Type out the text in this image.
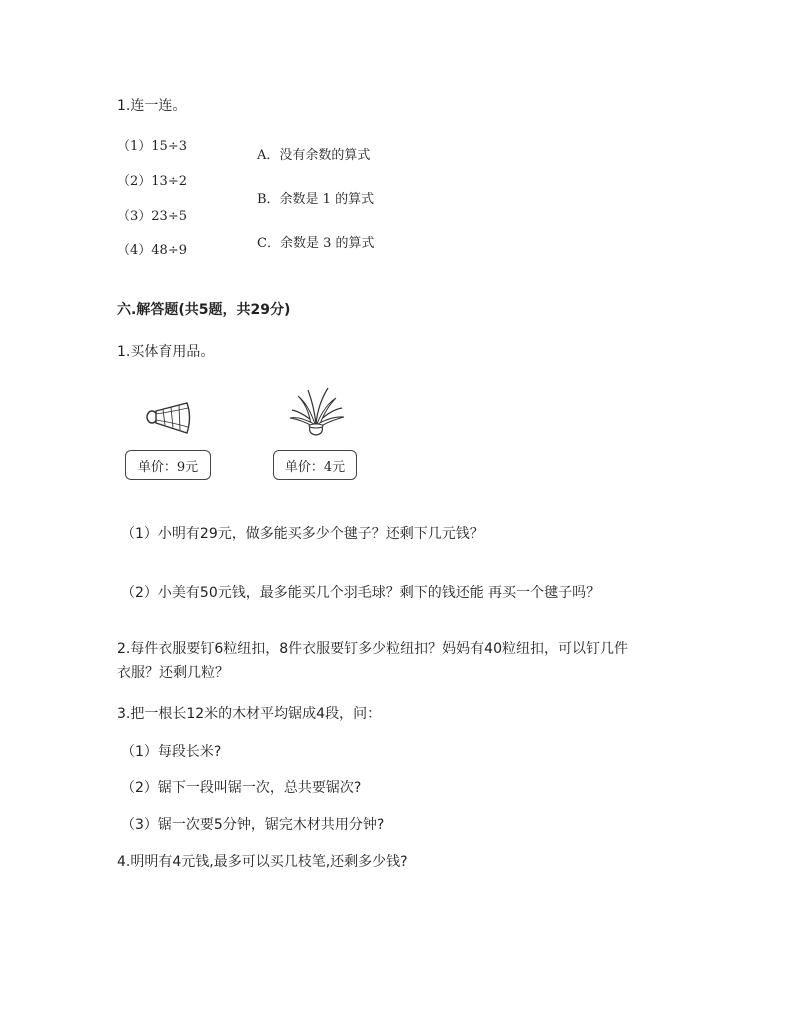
1.连一连。
（1）15÷3
（2）13÷2
（3）23÷5
（4）48÷9
A．没有余数的算式
B．余数是 1 的算式
C．余数是 3 的算式
六.解答题(共5题，共29分)
1.买体育用品。
单价：9元	单价：4元
（1）小明有29元，做多能买多少个毽子？还剩下几元钱？
（2）小美有50元钱，最多能买几个羽毛球？剩下的钱还能 再买一个毽子吗？
2.每件衣服要钉6粒纽扣，8件衣服要钉多少粒纽扣？妈妈有40粒纽扣，可以钉几件
衣服？还剩几粒？
3.把一根长12米的木材平均锯成4段，问：
（1）每段长米?
（2）锯下一段叫锯一次，总共要锯次?
（3）锯一次要5分钟，锯完木材共用分钟?
4.明明有4元钱,最多可以买几枝笔,还剩多少钱?
